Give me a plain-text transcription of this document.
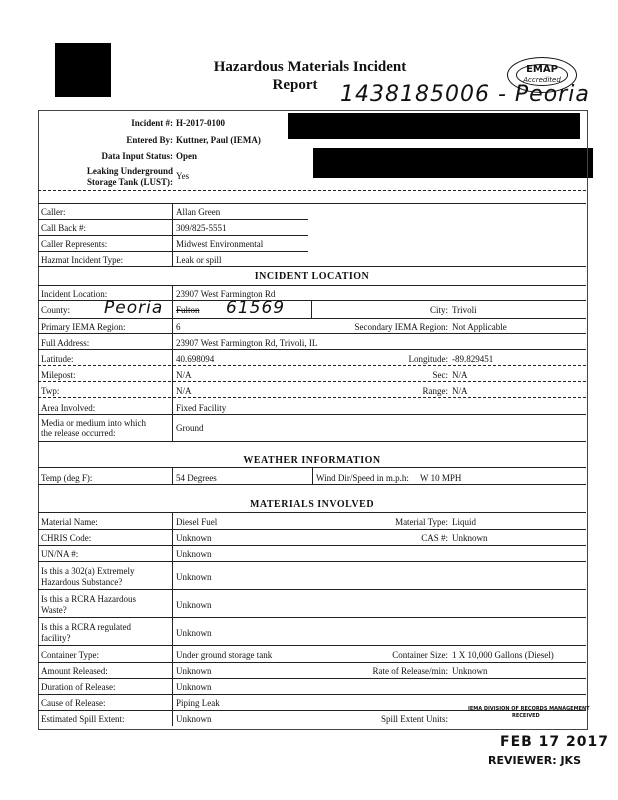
Hazardous Materials Incident
Report	1438185006 - Peoria
EMAP
Accredited
Incident #: H-2017-0100
Entered By: Kuttner, Paul (IEMA)
Data Input Status: Open
Leaking Underground
Storage Tank (LUST):
Yes
Caller:	Allan Green
Call Back #:	309/825-5551
Caller Represents:	Midwest Environmental
Hazmat Incident Type:	Leak or spill
INCIDENT LOCATION
Incident Location:	23907 West Farmington Rd
County: Peoria Fulton 61569	City: Trivoli
Primary IEMA Region:	6	Secondary IEMA Region: Not Applicable
Full Address:	23907 West Farmington Rd, Trivoli, IL
Latitude:	40.698094	Longitude: -89.829451
Milepost:	N/A	Sec: N/A
Twp:	N/A	Range: N/A
Area Involved:	Fixed Facility
Media or medium into which
the release occurred:	Ground
WEATHER INFORMATION
Temp (deg F):	54 Degrees	Wind Dir/Speed in m.p.h: W 10 MPH
MATERIALS INVOLVED
Material Name:	Diesel Fuel	Material Type: Liquid
CHRIS Code:	Unknown	CAS #: Unknown
UN/NA #:	Unknown
Is this a 302(a) Extremely
Hazardous Substance?	Unknown
Is this a RCRA Hazardous
Waste?	Unknown
Is this a RCRA regulated
facility?	Unknown
Container Type:	Under ground storage tank	Container Size: 1 X 10,000 Gallons (Diesel)
Amount Released:	Unknown	Rate of Release/min: Unknown
Duration of Release:	Unknown
Cause of Release:	Piping Leak
Estimated Spill Extent:	Unknown	Spill Extent Units:
IEMA DIVISION OF RECORDS MANAGEMENT
RECEIVED
FEB 17 2017
REVIEWER: JKS
